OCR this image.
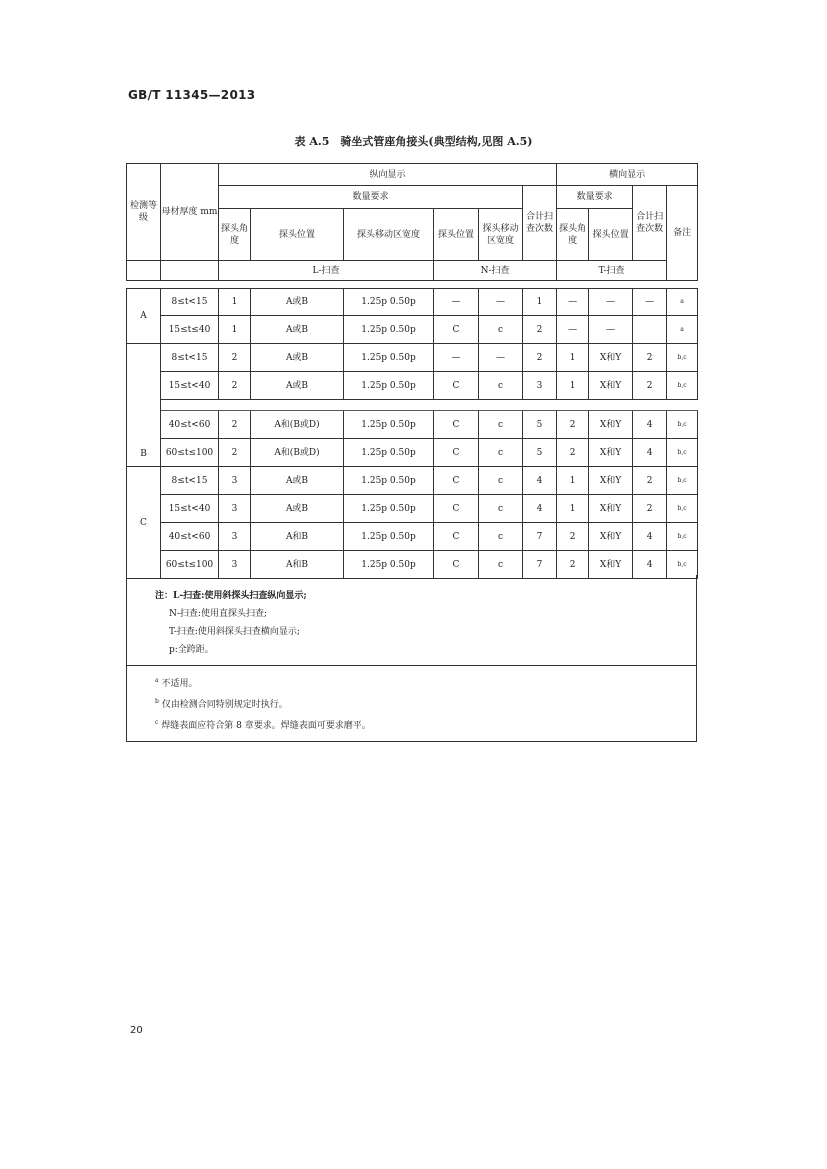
GB/T 11345—2013
表 A.5　骑坐式管座角接头(典型结构,见图 A.5)
检测等级	母材厚度 mm	纵向显示						横向显示			
		数量要求					合计扫查次数	数量要求		合计扫查次数	备注
		探头角度	探头位置	探头移动区宽度	探头位置	探头移动区宽度		探头角度	探头位置		
		L-扫查			N-扫查			T-扫查			

A	8≤t<15	1	A或B	1.25p 0.50p	—	—	1	—	—	—	a
	15≤t≤40	1	A或B	1.25p 0.50p	C	c	2	—	—		a
B	8≤t<15	2	A或B	1.25p 0.50p	—	—	2	1	X和Y	2	b,c
	15≤t<40	2	A或B	1.25p 0.50p	C	c	3	1	X和Y	2	b,c

	40≤t<60	2	A和(B或D)	1.25p 0.50p	C	c	5	2	X和Y	4	b,c
	60≤t≤100	2	A和(B或D)	1.25p 0.50p	C	c	5	2	X和Y	4	b,c
C	8≤t<15	3	A或B	1.25p 0.50p	C	c	4	1	X和Y	2	b,c
	15≤t<40	3	A或B	1.25p 0.50p	C	c	4	1	X和Y	2	b,c
	40≤t<60	3	A和B	1.25p 0.50p	C	c	7	2	X和Y	4	b,c
	60≤t≤100	3	A和B	1.25p 0.50p	C	c	7	2	X和Y	4	b,c
注：L-扫查:使用斜探头扫查纵向显示;
N-扫查:使用直探头扫查;
T-扫查:使用斜探头扫查横向显示;
p:全跨距。
$^a$ 不适用。
$^b$ 仅由检测合同特别规定时执行。
$^c$ 焊缝表面应符合第 8 章要求。焊缝表面可要求磨平。
20
